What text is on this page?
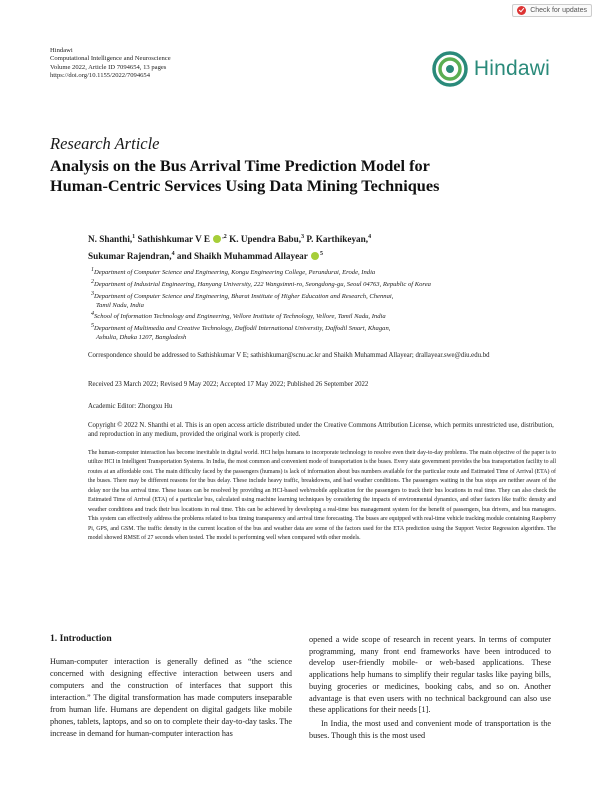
Check for updates
Hindawi
Computational Intelligence and Neuroscience
Volume 2022, Article ID 7094654, 13 pages
https://doi.org/10.1155/2022/7094654	Hindawi
Research Article
Analysis on the Bus Arrival Time Prediction Model for
Human-Centric Services Using Data Mining Techniques
N. Shanthi,$^1$ Sathishkumar V E $^{,2}$ K. Upendra Babu,$^3$ P. Karthikeyan,$^4$
Sukumar Rajendran,$^4$ and Shaikh Muhammad Allayear $^5$
$^1$Department of Computer Science and Engineering, Kongu Engineering College, Perundurai, Erode, India
$^2$Department of Industrial Engineering, Hanyang University, 222 Wangsimni-ro, Seongdong-gu, Seoul 04763, Republic of Korea
$^3$Department of Computer Science and Engineering, Bharat Institute of Higher Education and Research, Chennai,
Tamil Nadu, India
$^4$School of Information Technology and Engineering, Vellore Institute of Technology, Vellore, Tamil Nadu, India
$^5$Department of Multimedia and Creative Technology, Daffodil International University, Daffodil Smart, Khagan,
Ashulia, Dhaka 1207, Bangladesh
Correspondence should be addressed to Sathishkumar V E; sathishkumar@scnu.ac.kr and Shaikh Muhammad Allayear; drallayear.swe@diu.edu.bd
Received 23 March 2022; Revised 9 May 2022; Accepted 17 May 2022; Published 26 September 2022
Academic Editor: Zhongxu Hu
Copyright © 2022 N. Shanthi et al. This is an open access article distributed under the Creative Commons Attribution License, which permits unrestricted use, distribution, and reproduction in any medium, provided the original work is properly cited.
The human-computer interaction has become inevitable in digital world. HCI helps humans to incorporate technology to resolve even their day-to-day problems. The main objective of the paper is to utilize HCI in Intelligent Transportation Systems. In India, the most common and convenient mode of transportation is the buses. Every state government provides the bus transportation facility to all routes at an affordable cost. The main difficulty faced by the passengers (humans) is lack of information about bus numbers available for the particular route and Estimated Time of Arrival (ETA) of the buses. There may be different reasons for the bus delay. These include heavy traffic, breakdowns, and bad weather conditions. The passengers waiting in the bus stops are neither aware of the delay nor the bus arrival time. These issues can be resolved by providing an HCI-based web/mobile application for the passengers to track their bus locations in real time. They can also check the Estimated Time of Arrival (ETA) of a particular bus, calculated using machine learning techniques by considering the impacts of environmental dynamics, and other factors like traffic density and weather conditions and track their bus locations in real time. This can be achieved by developing a real-time bus management system for the benefit of passengers, bus drivers, and bus managers. This system can effectively address the problems related to bus timing transparency and arrival time forecasting. The buses are equipped with real-time vehicle tracking module containing Raspberry Pi, GPS, and GSM. The traffic density in the current location of the bus and weather data are some of the factors used for the ETA prediction using the Support Vector Regression algorithm. The model showed RMSE of 27 seconds when tested. The model is performing well when compared with other models.
1. Introduction
Human-computer interaction is generally defined as “the science concerned with designing effective interaction between users and computers and the construction of interfaces that support this interaction.” The digital transformation has made computers inseparable from human life. Humans are dependent on digital gadgets like mobile phones, tablets, laptops, and so on to complete their day-to-day tasks. The increase in demand for human-computer interaction has

opened a wide scope of research in recent years. In terms of computer programming, many front end frameworks have been introduced to develop user-friendly mobile- or web-based applications. These applications help humans to simplify their regular tasks like paying bills, buying groceries or medicines, booking cabs, and so on. Another advantage is that even users with no technical background can also use these applications for their needs [1].

In India, the most used and convenient mode of transportation is the buses. Though this is the most used
